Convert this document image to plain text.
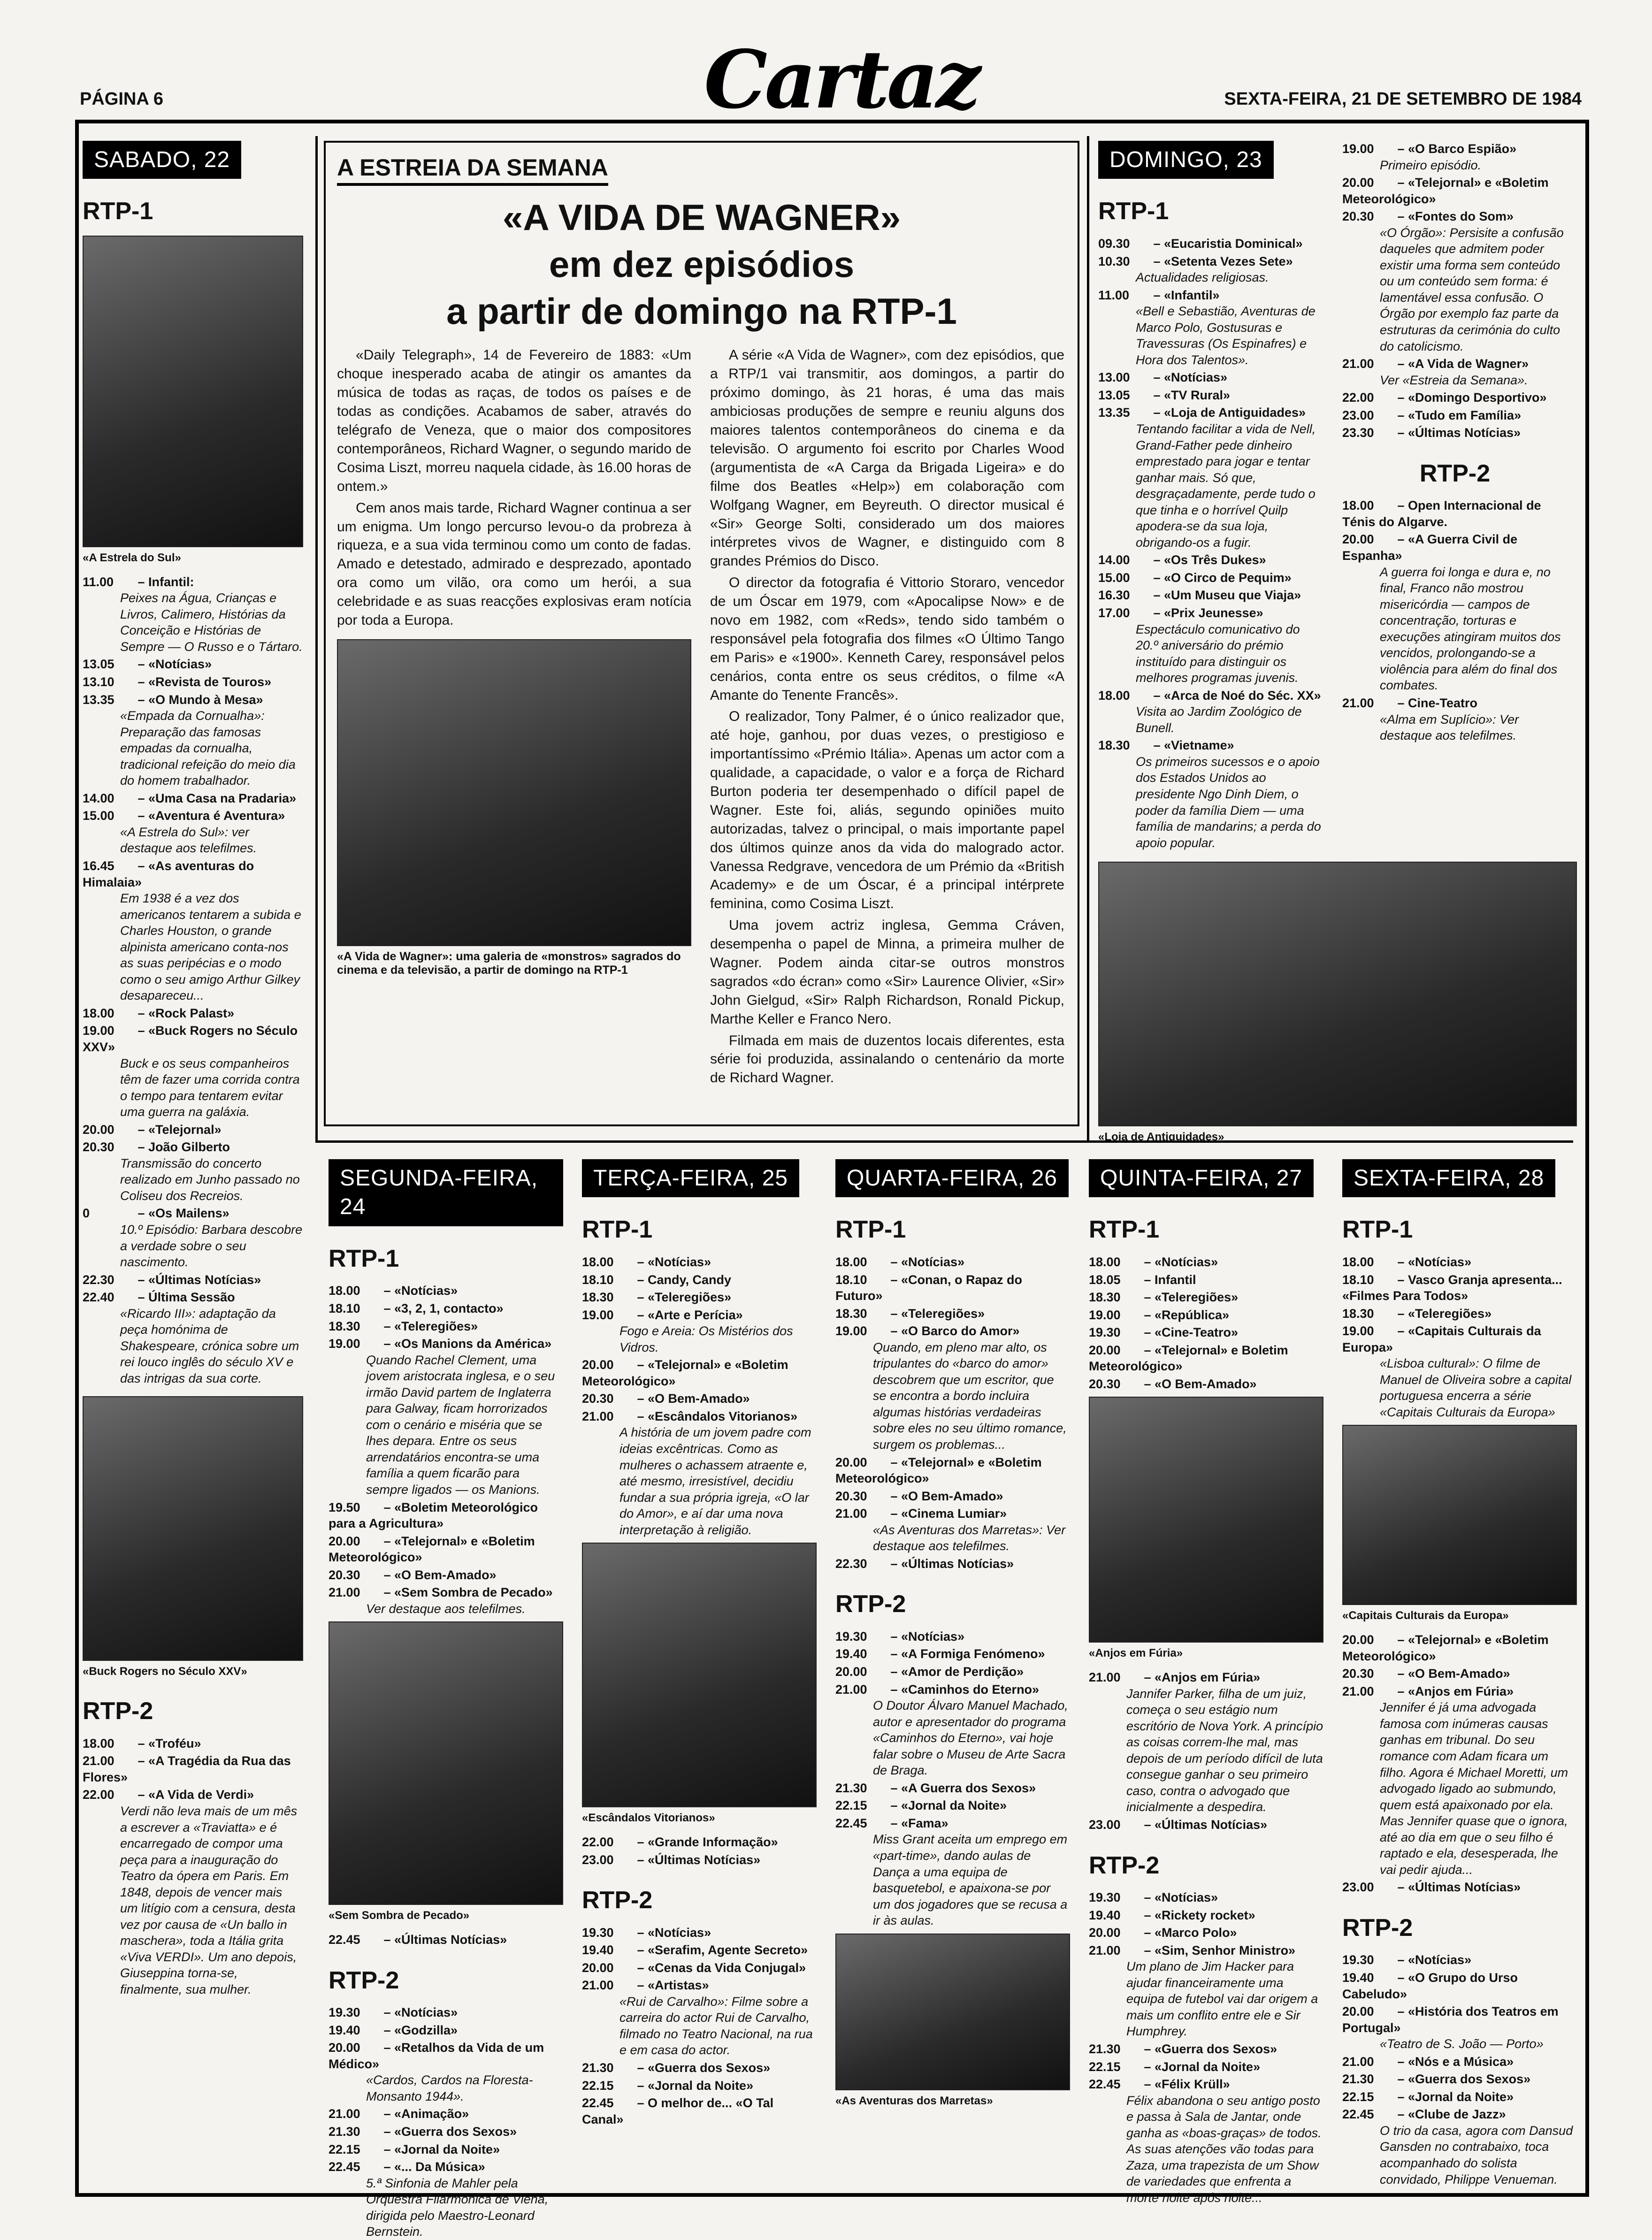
PÁGINA 6	Cartaz	SEXTA-FEIRA, 21 DE SETEMBRO DE 1984
SABADO, 22
RTP-1
«A Estrela do Sul»
11.00 – Infantil:
Peixes na Água, Crianças e Livros, Calimero, Histórias da Conceição e Histórias de Sempre — O Russo e o Tártaro.
13.05 – «Notícias»
13.10 – «Revista de Touros»
13.35 – «O Mundo à Mesa»
«Empada da Cornualha»: Preparação das famosas empadas da cornualha, tradicional refeição do meio dia do homem trabalhador.
14.00 – «Uma Casa na Pradaria»
15.00 – «Aventura é Aventura»
«A Estrela do Sul»: ver destaque aos telefilmes.
16.45 – «As aventuras do Himalaia»
Em 1938 é a vez dos americanos tentarem a subida e Charles Houston, o grande alpinista americano conta-nos as suas peripécias e o modo como o seu amigo Arthur Gilkey desapareceu...
18.00 – «Rock Palast»
19.00 – «Buck Rogers no Século XXV»
Buck e os seus companheiros têm de fazer uma corrida contra o tempo para tentarem evitar uma guerra na galáxia.
20.00 – «Telejornal»
20.30 – João Gilberto
Transmissão do concerto realizado em Junho passado no Coliseu dos Recreios.
0	– «Os Mailens»
10.º Episódio: Barbara descobre a verdade sobre o seu nascimento.
22.30 – «Últimas Notícias»
22.40 – Última Sessão
«Ricardo III»: adaptação da peça homónima de Shakespeare, crónica sobre um rei louco inglês do século XV e das intrigas da sua corte.
«Buck Rogers no Século XXV»
RTP-2
18.00 – «Troféu»
21.00 – «A Tragédia da Rua das Flores»
22.00 – «A Vida de Verdi»
Verdi não leva mais de um mês a escrever a «Traviatta» e é encarregado de compor uma peça para a inauguração do Teatro da ópera em Paris. Em 1848, depois de vencer mais um litígio com a censura, desta vez por causa de «Un ballo in maschera», toda a Itália grita «Viva VERDI». Um ano depois, Giuseppina torna-se, finalmente, sua mulher.
A ESTREIA DA SEMANA
«A VIDA DE WAGNER»
em dez episódios
a partir de domingo na RTP-1

«Daily Telegraph», 14 de Fevereiro de 1883: «Um choque inesperado acaba de atingir os amantes da música de todas as raças, de todos os países e de todas as condições. Acabamos de saber, através do telégrafo de Veneza, que o maior dos compositores contemporâneos, Richard Wagner, o segundo marido de Cosima Liszt, morreu naquela cidade, às 16.00 horas de ontem.»

Cem anos mais tarde, Richard Wagner continua a ser um enigma. Um longo percurso levou-o da probreza à riqueza, e a sua vida terminou como um conto de fadas. Amado e detestado, admirado e desprezado, apontado ora como um vilão, ora como um herói, a sua celebridade e as suas reacções explosivas eram notícia por toda a Europa.

«A Vida de Wagner»: uma galeria de «monstros» sagrados do cinema e da televisão, a partir de domingo na RTP-1

A série «A Vida de Wagner», com dez episódios, que a RTP/1 vai transmitir, aos domingos, a partir do próximo domingo, às 21 horas, é uma das mais ambiciosas produções de sempre e reuniu alguns dos maiores talentos contemporâneos do cinema e da televisão. O argumento foi escrito por Charles Wood (argumentista de «A Carga da Brigada Ligeira» e do filme dos Beatles «Help») em colaboração com Wolfgang Wagner, em Beyreuth. O director musical é «Sir» George Solti, considerado um dos maiores intérpretes vivos de Wagner, e distinguido com 8 grandes Prémios do Disco.

O director da fotografia é Vittorio Storaro, vencedor de um Óscar em 1979, com «Apocalipse Now» e de novo em 1982, com «Reds», tendo sido também o responsável pela fotografia dos filmes «O Último Tango em Paris» e «1900». Kenneth Carey, responsável pelos cenários, conta entre os seus créditos, o filme «A Amante do Tenente Francês».

O realizador, Tony Palmer, é o único realizador que, até hoje, ganhou, por duas vezes, o prestigioso e importantíssimo «Prémio Itália». Apenas um actor com a qualidade, a capacidade, o valor e a força de Richard Burton poderia ter desempenhado o difícil papel de Wagner. Este foi, aliás, segundo opiniões muito autorizadas, talvez o principal, o mais importante papel dos últimos quinze anos da vida do malogrado actor. Vanessa Redgrave, vencedora de um Prémio da «British Academy» e de um Óscar, é a principal intérprete feminina, como Cosima Liszt.

Uma jovem actriz inglesa, Gemma Cráven, desempenha o papel de Minna, a primeira mulher de Wagner. Podem ainda citar-se outros monstros sagrados «do écran» como «Sir» Laurence Olivier, «Sir» John Gielgud, «Sir» Ralph Richardson, Ronald Pickup, Marthe Keller e Franco Nero.

Filmada em mais de duzentos locais diferentes, esta série foi produzida, assinalando o centenário da morte de Richard Wagner.

DOMINGO, 23
RTP-1
09.30 – «Eucaristia Dominical»
10.30 – «Setenta Vezes Sete»
Actualidades religiosas.
11.00 – «Infantil»
«Bell e Sebastião, Aventuras de Marco Polo, Gostusuras e Travessuras (Os Espinafres) e Hora dos Talentos».
13.00 – «Notícias»
13.05 – «TV Rural»
13.35 – «Loja de Antiguidades»
Tentando facilitar a vida de Nell, Grand-Father pede dinheiro emprestado para jogar e tentar ganhar mais. Só que, desgraçadamente, perde tudo o que tinha e o horrível Quilp apodera-se da sua loja, obrigando-os a fugir.
14.00 – «Os Três Dukes»
15.00 – «O Circo de Pequim»
16.30 – «Um Museu que Viaja»
17.00 – «Prix Jeunesse»
Espectáculo comunicativo do 20.º aniversário do prémio instituído para distinguir os melhores programas juvenis.
18.00 – «Arca de Noé do Séc. XX»
Visita ao Jardim Zoológico de Bunell.
18.30 – «Vietname»
Os primeiros sucessos e o apoio dos Estados Unidos ao presidente Ngo Dinh Diem, o poder da família Diem — uma família de mandarins; a perda do apoio popular.
19.00 – «O Barco Espião»
Primeiro episódio.
20.00 – «Telejornal» e «Boletim Meteorológico»
20.30 – «Fontes do Som»
«O Órgão»: Persisite a confusão daqueles que admitem poder existir uma forma sem conteúdo ou um conteúdo sem forma: é lamentável essa confusão. O Órgão por exemplo faz parte da estruturas da cerimónia do culto do catolicismo.
21.00 – «A Vida de Wagner»
Ver «Estreia da Semana».
22.00 – «Domingo Desportivo»
23.00 – «Tudo em Família»
23.30 – «Últimas Notícias»
RTP-2
18.00 – Open Internacional de Ténis do Algarve.
20.00 – «A Guerra Civil de Espanha»
A guerra foi longa e dura e, no final, Franco não mostrou misericórdia — campos de concentração, torturas e execuções atingiram muitos dos vencidos, prolongando-se a violência para além do final dos combates.
21.00 – Cine-Teatro
«Alma em Suplício»: Ver destaque aos telefilmes.
«Loja de Antiguidades»
SEGUNDA-FEIRA, 24
RTP-1
18.00 – «Notícias»
18.10 – «3, 2, 1, contacto»
18.30 – «Teleregiões»
19.00 – «Os Manions da América»
Quando Rachel Clement, uma jovem aristocrata inglesa, e o seu irmão David partem de Inglaterra para Galway, ficam horrorizados com o cenário e miséria que se lhes depara. Entre os seus arrendatários encontra-se uma família a quem ficarão para sempre ligados — os Manions.
19.50 – «Boletim Meteorológico para a Agricultura»
20.00 – «Telejornal» e «Boletim Meteorológico»
20.30 – «O Bem-Amado»
21.00 – «Sem Sombra de Pecado»
Ver destaque aos telefilmes.
«Sem Sombra de Pecado»
22.45 – «Últimas Notícias»
RTP-2
19.30 – «Notícias»
19.40 – «Godzilla»
20.00 – «Retalhos da Vida de um Médico»
«Cardos, Cardos na Floresta-Monsanto 1944».
21.00 – «Animação»
21.30 – «Guerra dos Sexos»
22.15 – «Jornal da Noite»
22.45 – «... Da Música»
5.ª Sinfonia de Mahler pela Orquestra Filarmónica de Viena, dirigida pelo Maestro-Leonard Bernstein.
TERÇA-FEIRA, 25
RTP-1
18.00 – «Notícias»
18.10 – Candy, Candy
18.30 – «Teleregiões»
19.00 – «Arte e Perícia»
Fogo e Areia: Os Mistérios dos Vidros.
20.00 – «Telejornal» e «Boletim Meteorológico»
20.30 – «O Bem-Amado»
21.00 – «Escândalos Vitorianos»
A história de um jovem padre com ideias excêntricas. Como as mulheres o achassem atraente e, até mesmo, irresistível, decidiu fundar a sua própria igreja, «O lar do Amor», e aí dar uma nova interpretação à religião.
«Escândalos Vitorianos»
22.00 – «Grande Informação»
23.00 – «Últimas Notícias»
RTP-2
19.30 – «Notícias»
19.40 – «Serafim, Agente Secreto»
20.00 – «Cenas da Vida Conjugal»
21.00 – «Artistas»
«Rui de Carvalho»: Filme sobre a carreira do actor Rui de Carvalho, filmado no Teatro Nacional, na rua e em casa do actor.
21.30 – «Guerra dos Sexos»
22.15 – «Jornal da Noite»
22.45 – O melhor de... «O Tal Canal»
QUARTA-FEIRA, 26
RTP-1
18.00 – «Notícias»
18.10 – «Conan, o Rapaz do Futuro»
18.30 – «Teleregiões»
19.00 – «O Barco do Amor»
Quando, em pleno mar alto, os tripulantes do «barco do amor» descobrem que um escritor, que se encontra a bordo incluira algumas histórias verdadeiras sobre eles no seu último romance, surgem os problemas...
20.00 – «Telejornal» e «Boletim Meteorológico»
20.30 – «O Bem-Amado»
21.00 – «Cinema Lumiar»
«As Aventuras dos Marretas»: Ver destaque aos telefilmes.
22.30 – «Últimas Notícias»
RTP-2
19.30 – «Notícias»
19.40 – «A Formiga Fenómeno»
20.00 – «Amor de Perdição»
21.00 – «Caminhos do Eterno»
O Doutor Álvaro Manuel Machado, autor e apresentador do programa «Caminhos do Eterno», vai hoje falar sobre o Museu de Arte Sacra de Braga.
21.30 – «A Guerra dos Sexos»
22.15 – «Jornal da Noite»
22.45 – «Fama»
Miss Grant aceita um emprego em «part-time», dando aulas de Dança a uma equipa de basquetebol, e apaixona-se por um dos jogadores que se recusa a ir às aulas.
«As Aventuras dos Marretas»
QUINTA-FEIRA, 27
RTP-1
18.00 – «Notícias»
18.05 – Infantil
18.30 – «Teleregiões»
19.00 – «República»
19.30 – «Cine-Teatro»
20.00 – «Telejornal» e Boletim Meteorológico»
20.30 – «O Bem-Amado»
«Anjos em Fúria»
21.00 – «Anjos em Fúria»
Jannifer Parker, filha de um juiz, começa o seu estágio num escritório de Nova York. A princípio as coisas correm-lhe mal, mas depois de um período difícil de luta consegue ganhar o seu primeiro caso, contra o advogado que inicialmente a despedira.
23.00 – «Últimas Notícias»
RTP-2
19.30 – «Notícias»
19.40 – «Rickety rocket»
20.00 – «Marco Polo»
21.00 – «Sim, Senhor Ministro»
Um plano de Jim Hacker para ajudar financeiramente uma equipa de futebol vai dar origem a mais um conflito entre ele e Sir Humphrey.
21.30 – «Guerra dos Sexos»
22.15 – «Jornal da Noite»
22.45 – «Félix Krüll»
Félix abandona o seu antigo posto e passa à Sala de Jantar, onde ganha as «boas-graças» de todos. As suas atenções vão todas para Zaza, uma trapezista de um Show de variedades que enfrenta a morte noite após noite...
SEXTA-FEIRA, 28
RTP-1
18.00 – «Notícias»
18.10 – Vasco Granja apresenta... «Filmes Para Todos»
18.30 – «Teleregiões»
19.00 – «Capitais Culturais da Europa»
«Lisboa cultural»: O filme de Manuel de Oliveira sobre a capital portuguesa encerra a série «Capitais Culturais da Europa»
«Capitais Culturais da Europa»
20.00 – «Telejornal» e «Boletim Meteorológico»
20.30 – «O Bem-Amado»
21.00 – «Anjos em Fúria»
Jennifer é já uma advogada famosa com inúmeras causas ganhas em tribunal. Do seu romance com Adam ficara um filho. Agora é Michael Moretti, um advogado ligado ao submundo, quem está apaixonado por ela. Mas Jennifer quase que o ignora, até ao dia em que o seu filho é raptado e ela, desesperada, lhe vai pedir ajuda...
23.00 – «Últimas Notícias»
RTP-2
19.30 – «Notícias»
19.40 – «O Grupo do Urso Cabeludo»
20.00 – «História dos Teatros em Portugal»
«Teatro de S. João — Porto»
21.00 – «Nós e a Música»
21.30 – «Guerra dos Sexos»
22.15 – «Jornal da Noite»
22.45 – «Clube de Jazz»
O trio da casa, agora com Dansud Gansden no contrabaixo, toca acompanhado do solista convidado, Philippe Venueman.
